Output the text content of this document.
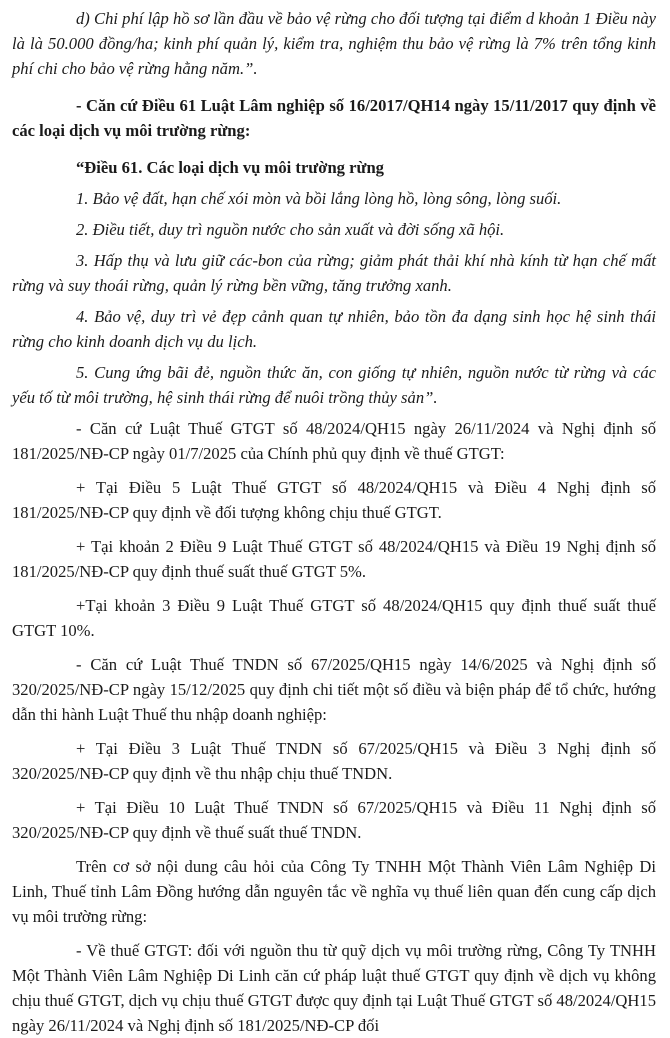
d) Chi phí lập hồ sơ lần đầu về bảo vệ rừng cho đối tượng tại điểm d khoản 1 Điều này là là 50.000 đồng/ha; kinh phí quản lý, kiểm tra, nghiệm thu bảo vệ rừng là 7% trên tổng kinh phí chi cho bảo vệ rừng hằng năm.”.

- Căn cứ Điều 61 Luật Lâm nghiệp số 16/2017/QH14 ngày 15/11/2017 quy định về các loại dịch vụ môi trường rừng:

“Điều 61. Các loại dịch vụ môi trường rừng

1. Bảo vệ đất, hạn chế xói mòn và bồi lắng lòng hồ, lòng sông, lòng suối.

2. Điều tiết, duy trì nguồn nước cho sản xuất và đời sống xã hội.

3. Hấp thụ và lưu giữ các-bon của rừng; giảm phát thải khí nhà kính từ hạn chế mất rừng và suy thoái rừng, quản lý rừng bền vững, tăng trưởng xanh.

4. Bảo vệ, duy trì vẻ đẹp cảnh quan tự nhiên, bảo tồn đa dạng sinh học hệ sinh thái rừng cho kinh doanh dịch vụ du lịch.

5. Cung ứng bãi đẻ, nguồn thức ăn, con giống tự nhiên, nguồn nước từ rừng và các yếu tố từ môi trường, hệ sinh thái rừng để nuôi trồng thủy sản”.

- Căn cứ Luật Thuế GTGT số 48/2024/QH15 ngày 26/11/2024 và Nghị định số 181/2025/NĐ-CP ngày 01/7/2025 của Chính phủ quy định về thuế GTGT:

+ Tại Điều 5 Luật Thuế GTGT số 48/2024/QH15 và Điều 4 Nghị định số 181/2025/NĐ-CP quy định về đối tượng không chịu thuế GTGT.

+ Tại khoản 2 Điều 9 Luật Thuế GTGT số 48/2024/QH15 và Điều 19 Nghị định số 181/2025/NĐ-CP quy định thuế suất thuế GTGT 5%.

+Tại khoản 3 Điều 9 Luật Thuế GTGT số 48/2024/QH15 quy định thuế suất thuế GTGT 10%.

- Căn cứ Luật Thuế TNDN số 67/2025/QH15 ngày 14/6/2025 và Nghị định số 320/2025/NĐ-CP ngày 15/12/2025 quy định chi tiết một số điều và biện pháp để tổ chức, hướng dẫn thi hành Luật Thuế thu nhập doanh nghiệp:

+ Tại Điều 3 Luật Thuế TNDN số 67/2025/QH15 và Điều 3 Nghị định số 320/2025/NĐ-CP quy định về thu nhập chịu thuế TNDN.

+ Tại Điều 10 Luật Thuế TNDN số 67/2025/QH15 và Điều 11 Nghị định số 320/2025/NĐ-CP quy định về thuế suất thuế TNDN.

Trên cơ sở nội dung câu hỏi của Công Ty TNHH Một Thành Viên Lâm Nghiệp Di Linh, Thuế tỉnh Lâm Đồng hướng dẫn nguyên tắc về nghĩa vụ thuế liên quan đến cung cấp dịch vụ môi trường rừng:

- Về thuế GTGT: đối với nguồn thu từ quỹ dịch vụ môi trường rừng, Công Ty TNHH Một Thành Viên Lâm Nghiệp Di Linh căn cứ pháp luật thuế GTGT quy định về dịch vụ không chịu thuế GTGT, dịch vụ chịu thuế GTGT được quy định tại Luật Thuế GTGT số 48/2024/QH15 ngày 26/11/2024 và Nghị định số 181/2025/NĐ-CP đối
